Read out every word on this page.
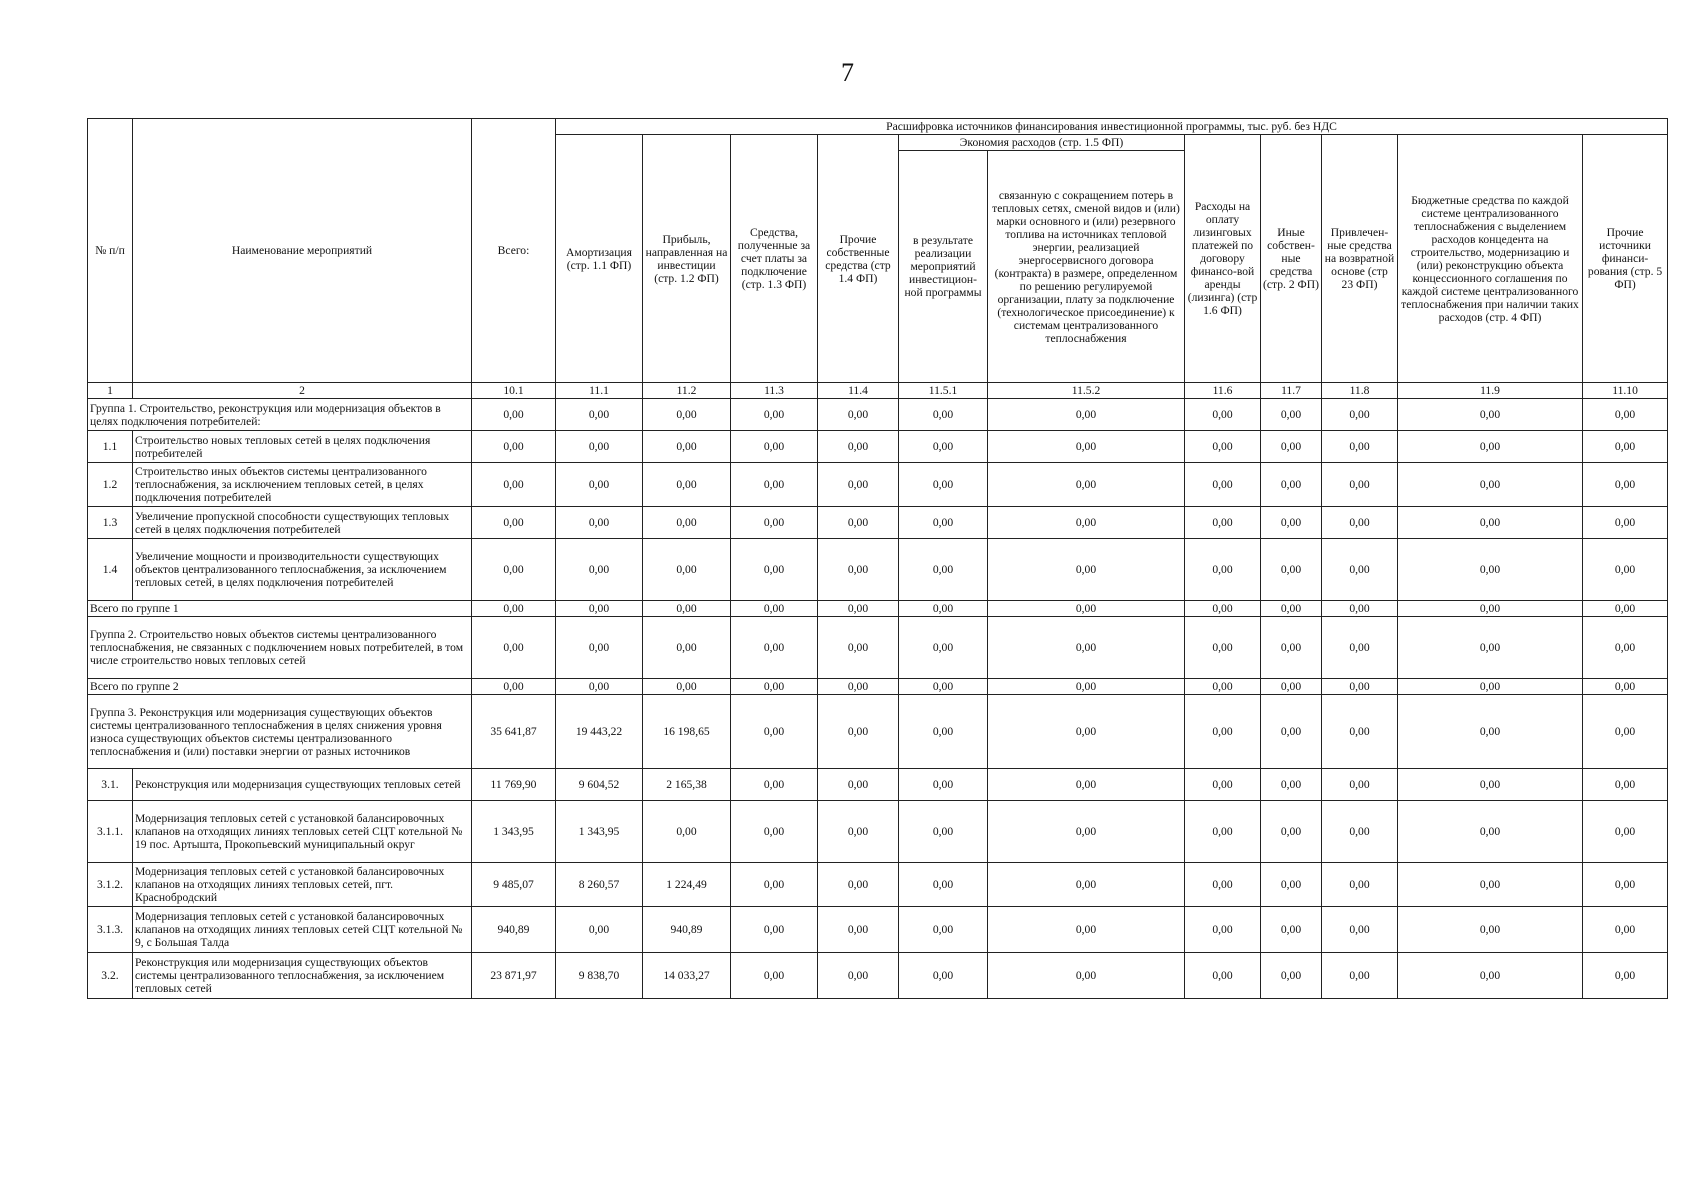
7
№ п/п	Наименование мероприятий	Всего:	Расшифровка источников финансирования инвестиционной программы, тыс. руб. без НДС										
			Амортизация (стр. 1.1 ФП)	Прибыль, направленная на инвестиции (стр. 1.2 ФП)	Средства, полученные за счет платы за подключение (стр. 1.3 ФП)	Прочие собственные средства (стр 1.4 ФП)	Экономия расходов (стр. 1.5 ФП)		Расходы на оплату лизинговых платежей по договору финансо-вой аренды (лизинга) (стр 1.6 ФП)	Иные собствен-ные средства (стр. 2 ФП)	Привлечен-ные средства на возвратной основе (стр 23 ФП)	Бюджетные средства по каждой системе централизованного теплоснабжения с выделением расходов концедента на строительство, модернизацию и (или) реконструкцию объекта концессионного соглашения по каждой системе централизованного теплоснабжения при наличии таких расходов (стр. 4 ФП)	Прочие источники финанси-рования (стр. 5 ФП)
							в результате реализации мероприятий инвестицион-ной программы	связанную с сокращением потерь в тепловых сетях, сменой видов и (или) марки основного и (или) резервного топлива на источниках тепловой энергии, реализацией энергосервисного договора (контракта) в размере, определенном по решению регулируемой организации, плату за подключение (технологическое присоединение) к системам централизованного теплоснабжения					
1	2	10.1	11.1	11.2	11.3	11.4	11.5.1	11.5.2	11.6	11.7	11.8	11.9	11.10
Группа 1. Строительство, реконструкция или модернизация объектов в целях подключения потребителей:		0,00	0,00	0,00	0,00	0,00	0,00	0,00	0,00	0,00	0,00	0,00	0,00
1.1	Строительство новых тепловых сетей в целях подключения потребителей	0,00	0,00	0,00	0,00	0,00	0,00	0,00	0,00	0,00	0,00	0,00	0,00
1.2	Строительство иных объектов системы централизованного теплоснабжения, за исключением тепловых сетей, в целях подключения потребителей	0,00	0,00	0,00	0,00	0,00	0,00	0,00	0,00	0,00	0,00	0,00	0,00
1.3	Увеличение пропускной способности существующих тепловых сетей в целях подключения потребителей	0,00	0,00	0,00	0,00	0,00	0,00	0,00	0,00	0,00	0,00	0,00	0,00
1.4	Увеличение мощности и производительности существующих объектов централизованного теплоснабжения, за исключением тепловых сетей, в целях подключения потребителей	0,00	0,00	0,00	0,00	0,00	0,00	0,00	0,00	0,00	0,00	0,00	0,00
Всего по группе 1		0,00	0,00	0,00	0,00	0,00	0,00	0,00	0,00	0,00	0,00	0,00	0,00
Группа 2. Строительство новых объектов системы централизованного теплоснабжения, не связанных с подключением новых потребителей, в том числе строительство новых тепловых сетей		0,00	0,00	0,00	0,00	0,00	0,00	0,00	0,00	0,00	0,00	0,00	0,00
Всего по группе 2		0,00	0,00	0,00	0,00	0,00	0,00	0,00	0,00	0,00	0,00	0,00	0,00
Группа 3. Реконструкция или модернизация существующих объектов системы централизованного теплоснабжения в целях снижения уровня износа существующих объектов системы централизованного теплоснабжения и (или) поставки энергии от разных источников		35 641,87	19 443,22	16 198,65	0,00	0,00	0,00	0,00	0,00	0,00	0,00	0,00	0,00
3.1.	Реконструкция или модернизация существующих тепловых сетей	11 769,90	9 604,52	2 165,38	0,00	0,00	0,00	0,00	0,00	0,00	0,00	0,00	0,00
3.1.1.	Модернизация тепловых сетей с установкой балансировочных клапанов на отходящих линиях тепловых сетей СЦТ котельной № 19 пос. Артышта, Прокопьевский муниципальный округ	1 343,95	1 343,95	0,00	0,00	0,00	0,00	0,00	0,00	0,00	0,00	0,00	0,00
3.1.2.	Модернизация тепловых сетей с установкой балансировочных клапанов на отходящих линиях тепловых сетей, пгт. Краснобродский	9 485,07	8 260,57	1 224,49	0,00	0,00	0,00	0,00	0,00	0,00	0,00	0,00	0,00
3.1.3.	Модернизация тепловых сетей с установкой балансировочных клапанов на отходящих линиях тепловых сетей СЦТ котельной № 9, с Большая Талда	940,89	0,00	940,89	0,00	0,00	0,00	0,00	0,00	0,00	0,00	0,00	0,00
3.2.	Реконструкция или модернизация существующих объектов системы централизованного теплоснабжения, за исключением тепловых сетей	23 871,97	9 838,70	14 033,27	0,00	0,00	0,00	0,00	0,00	0,00	0,00	0,00	0,00
